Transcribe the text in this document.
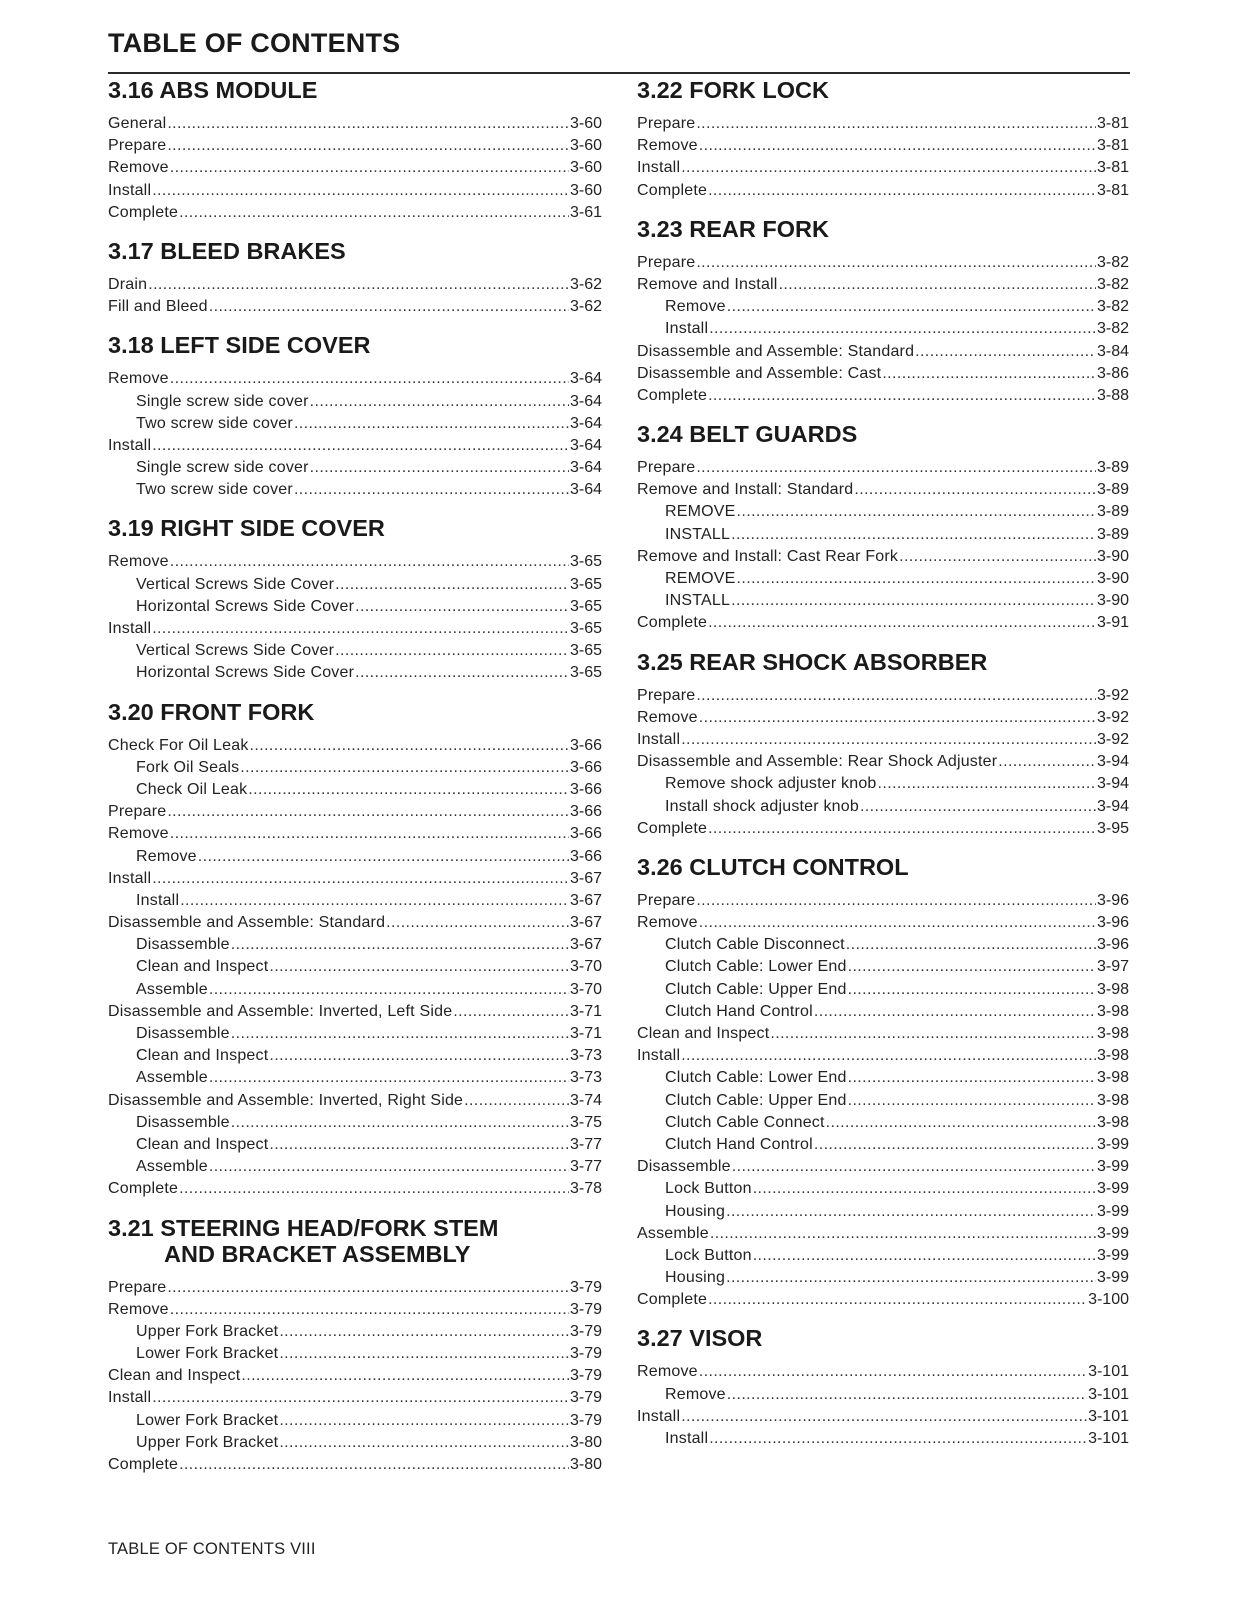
TABLE OF CONTENTS
3.16 ABS MODULE
General .....	3-60
Prepare .....	3-60
Remove .....	3-60
Install .....	3-60
Complete .....	3-61
3.17 BLEED BRAKES
Drain .....	3-62
Fill and Bleed .....	3-62
3.18 LEFT SIDE COVER
Remove .....	3-64
Single screw side cover .....	3-64
Two screw side cover .....	3-64
Install .....	3-64
Single screw side cover .....	3-64
Two screw side cover .....	3-64
3.19 RIGHT SIDE COVER
Remove .....	3-65
Vertical Screws Side Cover .....	3-65
Horizontal Screws Side Cover .....	3-65
Install .....	3-65
Vertical Screws Side Cover .....	3-65
Horizontal Screws Side Cover .....	3-65
3.20 FRONT FORK
Check For Oil Leak .....	3-66
Fork Oil Seals .....	3-66
Check Oil Leak .....	3-66
Prepare .....	3-66
Remove .....	3-66
Remove .....	3-66
Install .....	3-67
Install .....	3-67
Disassemble and Assemble: Standard .....	3-67
Disassemble .....	3-67
Clean and Inspect .....	3-70
Assemble .....	3-70
Disassemble and Assemble: Inverted, Left Side .....	3-71
Disassemble .....	3-71
Clean and Inspect .....	3-73
Assemble .....	3-73
Disassemble and Assemble: Inverted, Right Side .....	3-74
Disassemble .....	3-75
Clean and Inspect .....	3-77
Assemble .....	3-77
Complete .....	3-78
3.21 STEERING HEAD/FORK STEM
AND BRACKET ASSEMBLY
Prepare .....	3-79
Remove .....	3-79
Upper Fork Bracket .....	3-79
Lower Fork Bracket .....	3-79
Clean and Inspect .....	3-79
Install .....	3-79
Lower Fork Bracket .....	3-79
Upper Fork Bracket .....	3-80
Complete .....	3-80
3.22 FORK LOCK
Prepare .....	3-81
Remove .....	3-81
Install .....	3-81
Complete .....	3-81
3.23 REAR FORK
Prepare .....	3-82
Remove and Install .....	3-82
Remove .....	3-82
Install .....	3-82
Disassemble and Assemble: Standard .....	3-84
Disassemble and Assemble: Cast .....	3-86
Complete .....	3-88
3.24 BELT GUARDS
Prepare .....	3-89
Remove and Install: Standard .....	3-89
REMOVE .....	3-89
INSTALL .....	3-89
Remove and Install: Cast Rear Fork .....	3-90
REMOVE .....	3-90
INSTALL .....	3-90
Complete .....	3-91
3.25 REAR SHOCK ABSORBER
Prepare .....	3-92
Remove .....	3-92
Install .....	3-92
Disassemble and Assemble: Rear Shock Adjuster .....	3-94
Remove shock adjuster knob .....	3-94
Install shock adjuster knob .....	3-94
Complete .....	3-95
3.26 CLUTCH CONTROL
Prepare .....	3-96
Remove .....	3-96
Clutch Cable Disconnect .....	3-96
Clutch Cable: Lower End .....	3-97
Clutch Cable: Upper End .....	3-98
Clutch Hand Control .....	3-98
Clean and Inspect .....	3-98
Install .....	3-98
Clutch Cable: Lower End .....	3-98
Clutch Cable: Upper End .....	3-98
Clutch Cable Connect .....	3-98
Clutch Hand Control .....	3-99
Disassemble .....	3-99
Lock Button .....	3-99
Housing .....	3-99
Assemble .....	3-99
Lock Button .....	3-99
Housing .....	3-99
Complete .....	3-100
3.27 VISOR
Remove .....	3-101
Remove .....	3-101
Install .....	3-101
Install .....	3-101
TABLE OF CONTENTS VIII
